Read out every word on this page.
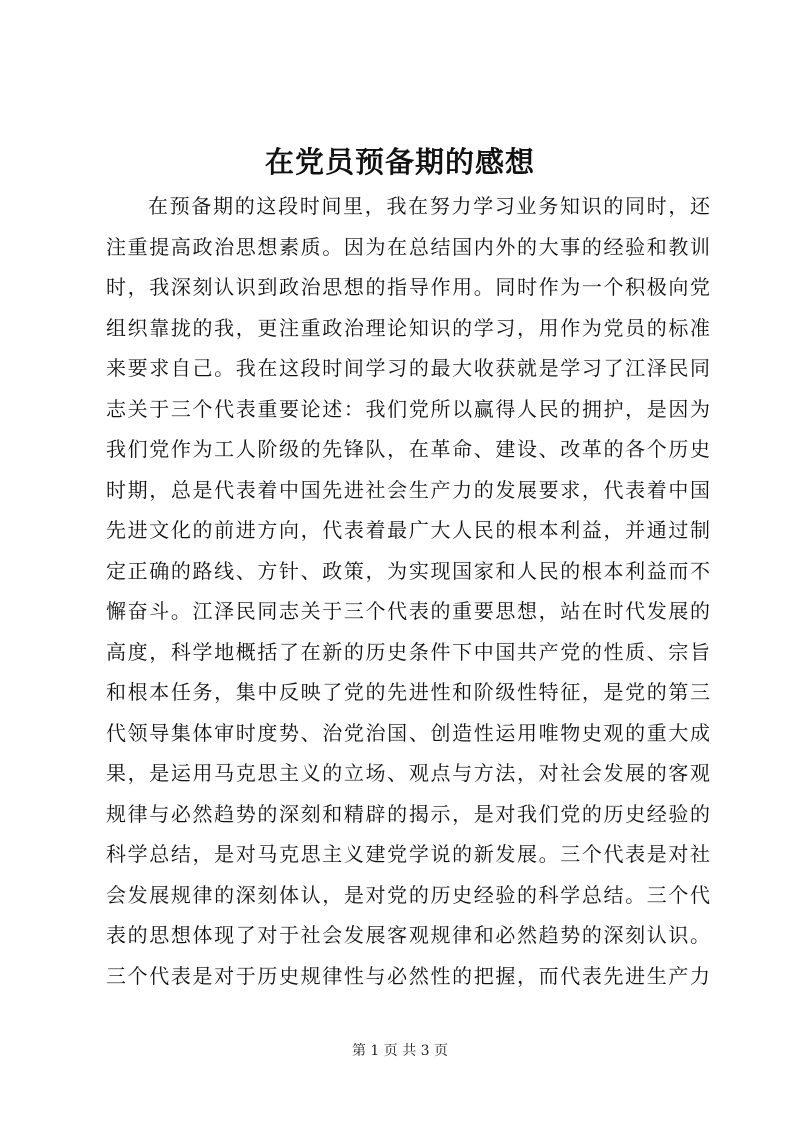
在党员预备期的感想
在预备期的这段时间里，我在努力学习业务知识的同时，还
注重提高政治思想素质。因为在总结国内外的大事的经验和教训
时，我深刻认识到政治思想的指导作用。同时作为一个积极向党
组织靠拢的我，更注重政治理论知识的学习，用作为党员的标准
来要求自己。我在这段时间学习的最大收获就是学习了江泽民同
志关于三个代表重要论述：我们党所以赢得人民的拥护，是因为
我们党作为工人阶级的先锋队，在革命、建设、改革的各个历史
时期，总是代表着中国先进社会生产力的发展要求，代表着中国
先进文化的前进方向，代表着最广大人民的根本利益，并通过制
定正确的路线、方针、政策，为实现国家和人民的根本利益而不
懈奋斗。江泽民同志关于三个代表的重要思想，站在时代发展的
高度，科学地概括了在新的历史条件下中国共产党的性质、宗旨
和根本任务，集中反映了党的先进性和阶级性特征，是党的第三
代领导集体审时度势、治党治国、创造性运用唯物史观的重大成
果，是运用马克思主义的立场、观点与方法，对社会发展的客观
规律与必然趋势的深刻和精辟的揭示，是对我们党的历史经验的
科学总结，是对马克思主义建党学说的新发展。三个代表是对社
会发展规律的深刻体认，是对党的历史经验的科学总结。三个代
表的思想体现了对于社会发展客观规律和必然趋势的深刻认识。
三个代表是对于历史规律性与必然性的把握，而代表先进生产力
第 1 页 共 3 页
